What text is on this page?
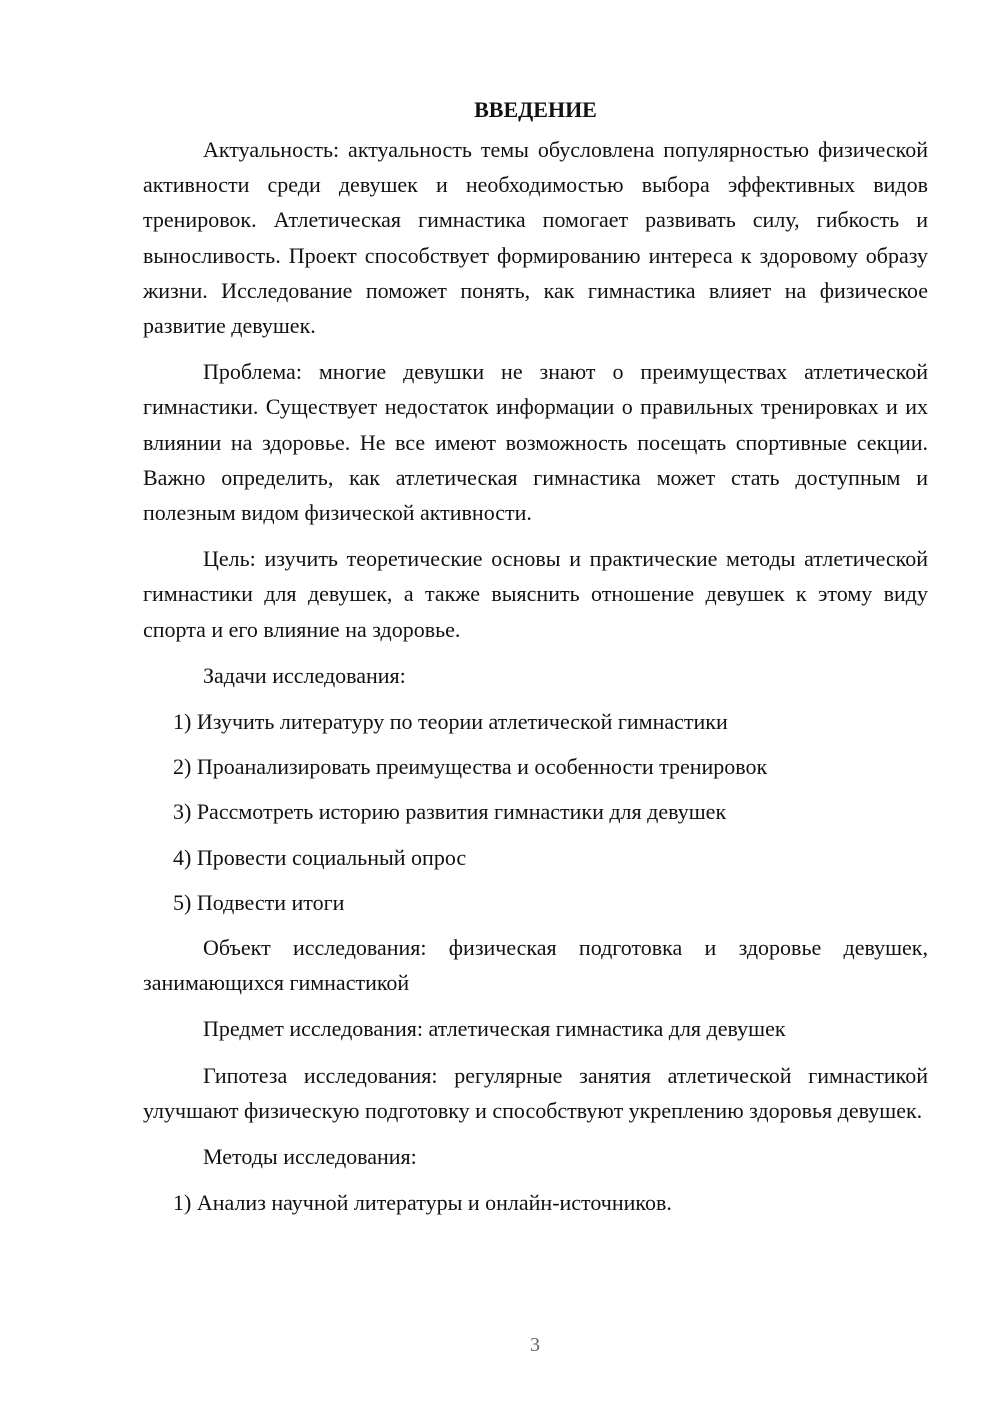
ВВЕДЕНИЕ

Актуальность: актуальность темы обусловлена популярностью физической активности среди девушек и необходимостью выбора эффективных видов тренировок. Атлетическая гимнастика помогает развивать силу, гибкость и выносливость. Проект способствует формированию интереса к здоровому образу жизни. Исследование поможет понять, как гимнастика влияет на физическое развитие девушек.

Проблема: многие девушки не знают о преимуществах атлетической гимнастики. Существует недостаток информации о правильных тренировках и их влиянии на здоровье. Не все имеют возможность посещать спортивные секции. Важно определить, как атлетическая гимнастика может стать доступным и полезным видом физической активности.

Цель: изучить теоретические основы и практические методы атлетической гимнастики для девушек, а также выяснить отношение девушек к этому виду спорта и его влияние на здоровье.

Задачи исследования:

1) Изучить литературу по теории атлетической гимнастики
2) Проанализировать преимущества и особенности тренировок
3) Рассмотреть историю развития гимнастики для девушек
4) Провести социальный опрос
5) Подвести итоги

Объект исследования: физическая подготовка и здоровье девушек, занимающихся гимнастикой

Предмет исследования: атлетическая гимнастика для девушек

Гипотеза исследования: регулярные занятия атлетической гимнастикой улучшают физическую подготовку и способствуют укреплению здоровья девушек.

Методы исследования:

1) Анализ научной литературы и онлайн-источников.
3
